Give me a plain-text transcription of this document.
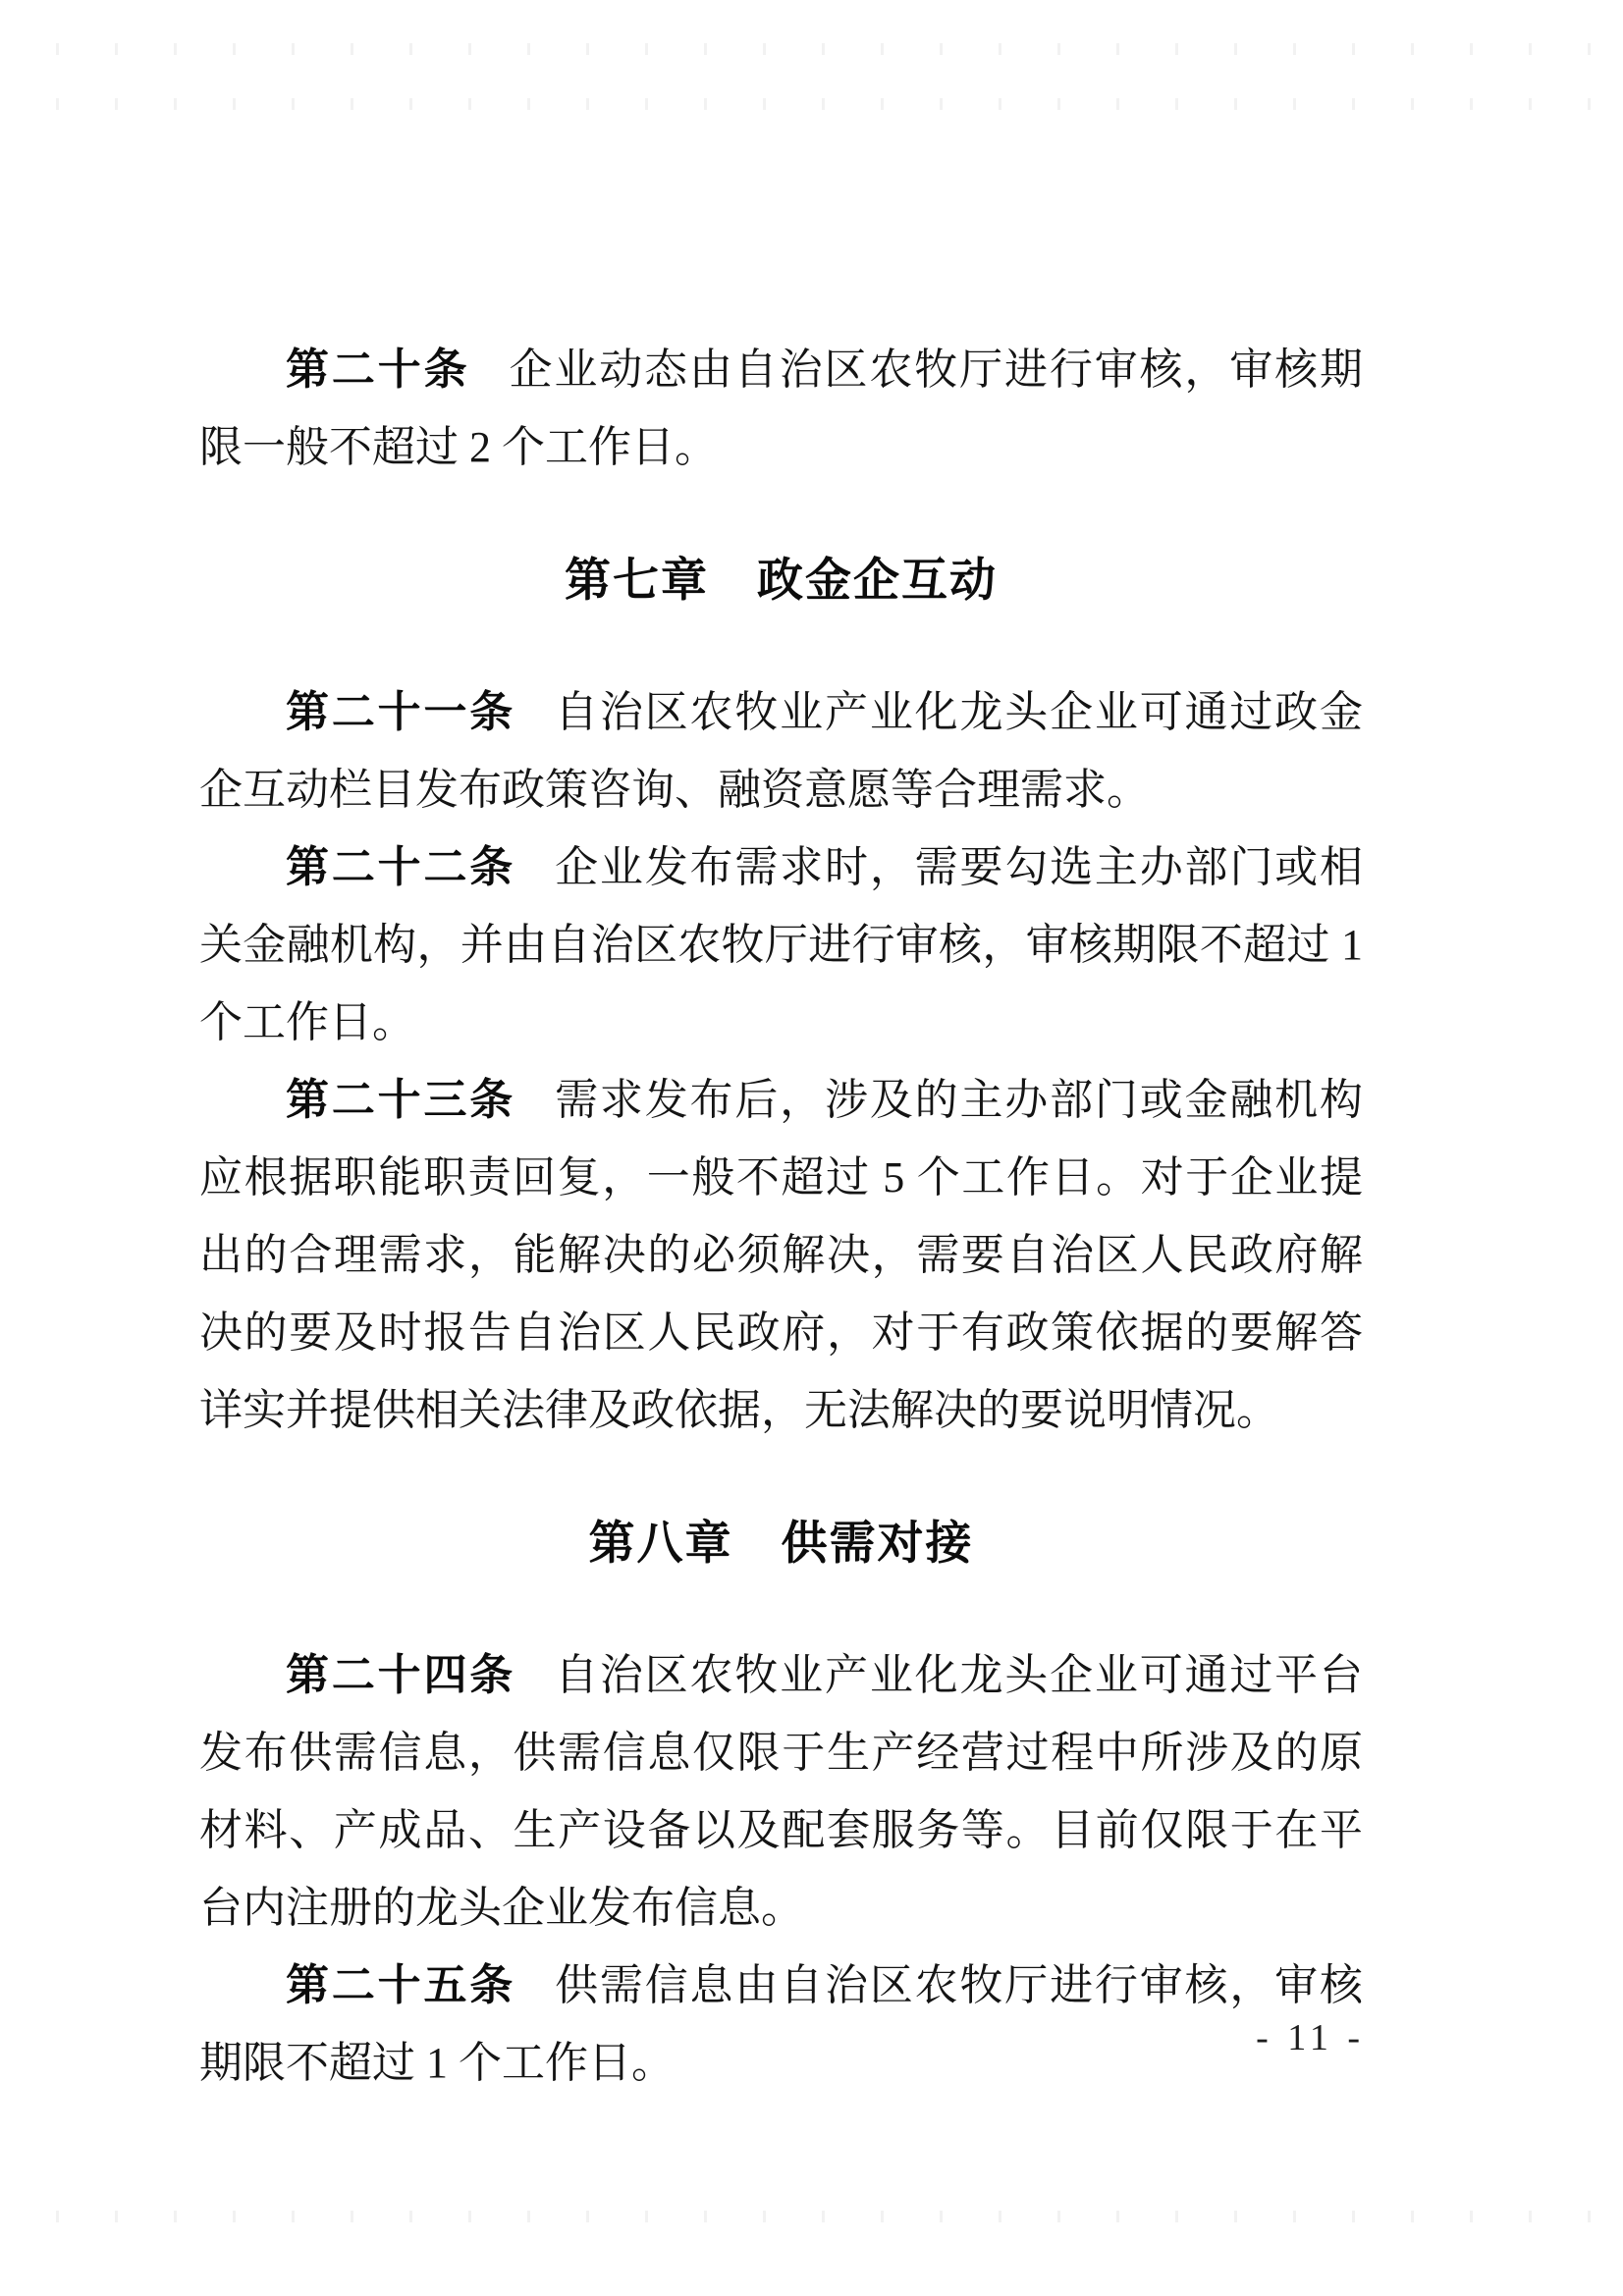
第二十条 企业动态由自治区农牧厅进行审核，审核期限一般不超过 2 个工作日。

第七章　政金企互动

第二十一条 自治区农牧业产业化龙头企业可通过政金企互动栏目发布政策咨询、融资意愿等合理需求。

第二十二条 企业发布需求时，需要勾选主办部门或相关金融机构，并由自治区农牧厅进行审核，审核期限不超过 1 个工作日。

第二十三条 需求发布后，涉及的主办部门或金融机构应根据职能职责回复，一般不超过 5 个工作日。对于企业提出的合理需求，能解决的必须解决，需要自治区人民政府解决的要及时报告自治区人民政府，对于有政策依据的要解答详实并提供相关法律及政依据，无法解决的要说明情况。

第八章　供需对接

第二十四条 自治区农牧业产业化龙头企业可通过平台发布供需信息，供需信息仅限于生产经营过程中所涉及的原材料、产成品、生产设备以及配套服务等。目前仅限于在平台内注册的龙头企业发布信息。

第二十五条 供需信息由自治区农牧厅进行审核，审核期限不超过 1 个工作日。

- 11 -
